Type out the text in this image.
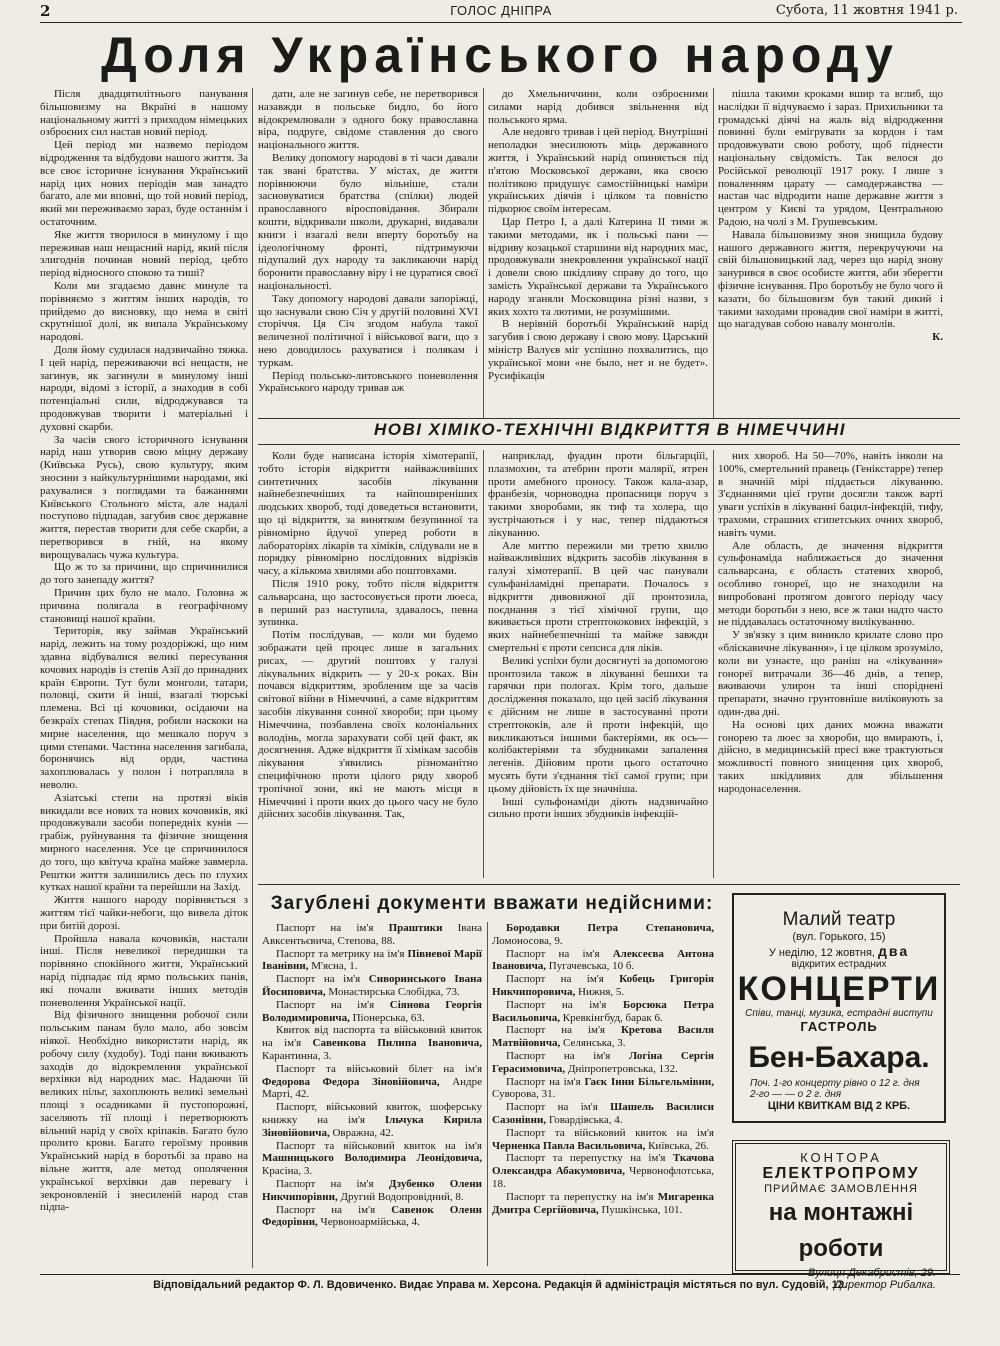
2	ГОЛОС ДНІПРА	Субота, 11 жовтня 1941 р.
Доля Українського народу

Після двадцятилітнього панування більшовизму на Вкраїні в нашому національному житті з приходом німецьких озброєних сил настав новий період.

Цей період ми назвемо періодом відродження та відбудови нашого життя. За все своє історичне існування Український нарід цих нових періодів мав занадто багато, але ми вповні, що той новий період, який ми переживаємо зараз, буде останнім і остаточним.

Яке життя творилося в минулому і що переживав наш нещасний нарід, який після злигоднів починав новий період, цебто період відносного спокою та тиші?

Коли ми згадаємо давнє минуле та порівняємо з життям інших народів, то прийдемо до висновку, що нема в світі скрутнішої долі, як випала Українському народові.

Доля йому судилася надзвичайно тяжка. І цей нарід, переживаючи всі нещастя, не загинув, як загинули в минулому інші народи, відомі з історії, а знаходив в собі потенціальні сили, відроджувався та продовжував творити і матеріальні і духовні скарби.

За часів свого історичного існування нарід наш утворив свою міцну державу (Київська Русь), свою культуру, яким зносини з найкультурнішими народами, які рахувалися з поглядами та бажаннями Київського Стольного міста, але надалі поступово підпадав, загубив своє державне життя, перестав творити для себе скарби, а перетворився в гній, на якому вирощувалась чужа культура.

Що ж то за причини, що спричинилися до того занепаду життя?

Причин цих було не мало. Головна ж причина полягала в географічному становищі нашої країни.

Територія, яку займав Український нарід, лежить на тому роздоріжжі, що ним здавна відбувалися великі пересування кочових народів із степів Азії до принадних країн Європи. Тут були монголи, татари, половці, скити й інші, взагалі тюрські племена. Всі ці кочовики, осідаючи на безкраїх степах Півдня, робили наскоки на мирне населення, що мешкало поруч з цими степами. Частина населення загибала, боронячись від орди, частина захоплювалась у полон і потрапляла в неволю.

Азіатські степи на протязі віків викидали все нових та нових кочовиків, які продовжували засоби попередніх кунів — грабіж, руйнування та фізичне знищення мирного населення. Усе це спричинилося до того, що квітуча країна майже завмерла. Рештки життя залишились десь по глухих кутках нашої країни та перейшли на Захід.

Життя нашого народу порівняється з життям тієї чайки-небоги, що вивела діток при битій дорозі.

Пройшла навала кочовиків, настали інші. Після невеликої передишки та порівняно спокійного життя, Український нарід підпадає під ярмо польських панів, які почали вживати інших методів поневолення Української нації.

Від фізичного знищення робочої сили польським панам було мало, або зовсім ніякої. Необхідно використати нарід, як робочу силу (худобу). Тоді пани вживають заходів до відокремлення української верхівки від народних мас. Надаючи їй великих пільг, захоплюють великі земельні площі з осадниками й пустопорожні, заселяють тії площі і перетворюють вільний нарід у своїх кріпаків. Багато було пролито крови. Багато героїзму проявив Український нарід в боротьбі за право на вільне життя, але метод ополячення української верхівки дав перевагу і зекроновленій і знесиленій народ став підпа-

дати, але не загинув себе, не перетворився назавжди в польське бидло, бо його відокремлювали з одного боку православна віра, подруге, свідоме ставлення до свого національного життя.

Велику допомогу народові в ті часи давали так звані братства. У містах, де життя порівнюючи було вільніше, стали засновуватися братства (спілки) людей православного віросповідання. Збирали кошти, відкривали школи, друкарні, видавали книги і взагалі вели вперту боротьбу на ідеологічному фронті, підтримуючи підупалий дух народу та закликаючи нарід боронити православну віру і не цуратися своєї національності.

Таку допомогу народові давали запоріжці, що заснували свою Січ у другій половині XVI сторіччя. Ця Січ згодом набула такої величезної політичної і військової ваги, що з нею доводилось рахуватися і полякам і туркам.

Період польсько-литовського поневолення Українського народу тривав аж

до Хмельниччини, коли озброєними силами нарід добився звільнення від польського ярма.

Але недовго тривав і цей період. Внутрішні неполадки знесилюють міць державного життя, і Український нарід опиняється під п'ятою Московської держави, яка своєю політикою придушує самостійницькі наміри українських діячів і цілком та повністю підкорює своїм інтересам.

Цар Петро І, а далі Катерина ІІ тими ж такими методами, як і польські пани — відриву козацької старшини від народних мас, продовжували знекровлення української нації і довели свою шкідливу справу до того, що замість Української держави та Українського народу зганяли Московщина різні назви, з яких хохто та лютими, не розумішими.

В нерівній боротьбі Український нарід загубив і свою державу і свою мову. Царський міністр Валуєв міг успішно похвалитись, що української мови «не было, нет и не будет». Русифікація

пішла такими кроками вшир та вглиб, що наслідки її відчуваємо і зараз. Прихильники та громадські діячі на жаль від відродження повинні були емігрувати за кордон і там продовжувати свою роботу, щоб піднести національну свідомість. Так велося до Російської революції 1917 року. І лише з поваленням царату — самодержавства — настав час відродити наше державне життя з центром у Києві та урядом, Центральною Радою, на чолі з М. Грушевським.

Навала більшовизму знов знищила будову нашого державного життя, перекручуючи на свій більшовицький лад, через що нарід знову занурився в своє особисте життя, аби зберегти фізичне існування. Про боротьбу не було чого й казати, бо більшовизм був такий дикий і такими заходами провадив свої наміри в житті, що нагадував собою навалу монголів.

К.
НОВІ ХІМІКО-ТЕХНІЧНІ ВІДКРИТТЯ В НІМЕЧЧИНІ

Коли буде написана історія хімотерапії, тобто історія відкриття найважливіших синтетичних засобів лікування найнебезпечніших та найпоширеніших людських хвороб, тоді доведеться встановити, що ці відкриття, за винятком безупинної та рівномірно йдучої уперед роботи в лабораторіях лікарів та хіміків, слідували не в порядку рівномірно послідовних відрізків часу, а кількома хвилями або поштовхами.

Після 1910 року, тобто після відкриття сальварсана, що застосовується проти люеса, в перший раз наступила, здавалось, певна зупинка.

Потім послідував, — коли ми будемо зображати цей процес лише в загальних рисах, — другий поштовх у галузі лікувальних відкрить — у 20-х роках. Він почався відкриттям, зробленим ще за часів світової війни в Німеччині, а саме відкриттям засобів лікування сонної хвороби; при цьому Німеччина, позбавлена своїх колоніальних володінь, могла зарахувати собі цей факт, як досягнення. Адже відкриття її хімікам засобів лікування з'явились різноманітно специфічною проти цілого ряду хвороб тропічної зони, які не мають місця в Німеччині і проти яких до цього часу не було дійсних засобів лікування. Так,

наприклад, фуадин проти більгарціїі, плазмохин, та атебрин проти малярії, ятрен проти амебного проносу. Також кала-азар, франбезія, чорноводна пропасниця поруч з такими хворобами, як тиф та холера, що зустрічаються і у нас, тепер піддаються лікуванню.

Але миттю пережили ми третю хвилю найважливіших відкрить засобів лікування в галузі хімотерапії. В цей час панували сульфаніламідні препарати. Почалось з відкриття дивовижної дії пронтозила, поєднання з тієї хімічної групи, що вживається проти стрептококових інфекцій, з яких найнебезпечніші та майже завжди смертельні є проти сепсиса для ліків.

Великі успіхи були досягнуті за допомогою пронтозила також в лікуванні бешихи та гарячки при пологах. Крім того, дальше дослідження показало, що цей засіб лікування є дійсним не лише в застосуванні проти стрептококів, але й проти інфекцій, що викликаються іншими бактеріями, як ось—колібактеріями та збудниками запалення легенів. Дійовим проти цього остаточно мусять бути з'єднання тієї самої групи; при цьому дійовість їх ще значніша.

Інші сульфонаміди діють надзвичайно сильно проти інших збудників інфекцій-

них хвороб. На 50—70%, навіть інколи на 100%, смертельний правець (Генікстарре) тепер в значній мірі піддається лікуванню. З'єднаннями цієї групи досягли також варті уваги успіхів в лікуванні бацил-інфекцій, тифу, трахоми, страшних єгипетських очних хвороб, навіть чуми.

Але область, де значення відкриття сульфонаміда наближається до значення сальварсана, є область статевих хвороб, особливо гонореї, що не знаходили на випробовані протягом довгого періоду часу методи боротьби з нею, все ж таки надто часто не піддавалась остаточному вилікуванню.

У зв'язку з цим виникло крилате слово про «бліскавичне лікування», і це цілком зрозуміло, коли ви узнаєте, що раніш на «лікування» гонореї витрачали 36—46 днів, а тепер, вживаючи улирон та інші споріднені препарати, значно грунтовніше виліковують за один-два дні.

На основі цих даних можна вважати гонорею та люес за хвороби, що вмирають, і, дійсно, в медицинській пресі вже трактуються можливості повного знищення цих хвороб, таких шкідливих для збільшення народонаселення.

Загублені документи вважати недійсними:
Паспорт на ім'я Праштики Івана Авксентьєвича, Степова, 88.
Паспорт та метрику на ім'я Півневої Марії Іванівни, М'ясна, 1.
Паспорт на ім'я Сиворинського Івана Йосиповича, Монастирська Слобідка, 73.
Паспорт на ім'я Сіянова Георгія Володимировича, Піонерська, 63.
Квиток від паспорта та військовий квиток на ім'я Савенкова Пилипа Івановича, Карантинна, 3.
Паспорт та військовий білет на ім'я Федорова Федора Зіновійовича, Андре Марті, 42.
Паспорт, військовий квиток, шоферську книжку на ім'я Ільчука Кирила Зіновійовича, Овражна, 42.
Паспорт та військовий квиток на ім'я Машницького Володимира Леонідовича, Красіна, 3.
Паспорт на ім'я Дзубенко Олени Никчипорівни, Другий Водопровідний, 8.
Паспорт на ім'я Савенок Олени Федорівни, Червоноармійська, 4.
Бородавки Петра Степановича, Ломоносова, 9.
Паспорт на ім'я Алексеєва Антона Івановича, Пугачевська, 10 б.
Паспорт на ім'я Кобець Григорія Никчипоровича, Нижня, 5.
Паспорт на ім'я Борсюка Петра Васильовича, Кревкінгбуд, барак 6.
Паспорт на ім'я Кретова Василя Матвійовича, Селянська, 3.
Паспорт на ім'я Логіна Сергія Герасимовича, Дніпропетровська, 132.
Паспорт на ім'я Гаєк Інни Більгельмівни, Суворова, 31.
Паспорт на ім'я Шашель Василиси Сазонівни, Говардівська, 4.
Паспорт та військовий квиток на ім'я Черненка Павла Васильовича, Київська, 26.
Паспорт та перепустку на ім'я Ткачова Олександра Абакумовича, Червонофлотська, 18.
Паспорт та перепустку на ім'я Мигаренка Дмитра Сергійовича, Пушкінська, 101.
Малий театр
(вул. Горького, 15)
У неділю, 12 жовтня, два
відкритих естрадних
КОНЦЕРТИ
Співи, танці, музика, естрадні виступи
ГАСТРОЛЬ
Бен-Бахара.
Поч. 1-го концерту рівно о 12 г. дня
2-го — — о 2 г. дня
ЦІНИ КВИТКАМ ВІД 2 КРБ.
КОНТОРА
ЕЛЕКТРОПРОМУ
ПРИЙМАЄ ЗАМОВЛЕННЯ
на монтажні роботи
Вулиця Декабристів, 29.
Директор Рибалка.
Відповідальний редактор Ф. Л. Вдовиченко. Видає Управа м. Херсона. Редакція й адміністрація містяться по вул. Судовій, 13.
